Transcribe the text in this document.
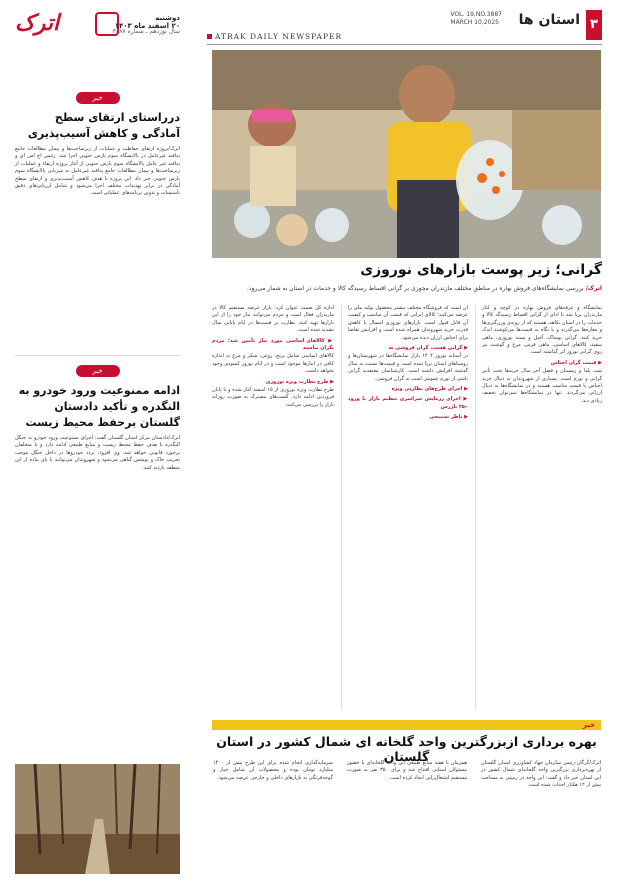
۳
استان ها
VOL. 19,NO.3887
MARCH 10,2025
ATRAK DAILY NEWSPAPER
اترک	دوشنبه
۲۰ اسفند ماه ۱۴۰۳
سال نوزدهم ـ شماره ۳۸۸۷
گرانی؛ زیر پوست بازارهای نوروزی
اترک/ بررسی نمایشگاه‌های فروش بهاره در مناطق مختلف مازندران مجوزی بر گرانی اقساط رسیدگه کالا و خدمات در استان به شمار می‌رود.
نمایشگاه و غرفه‌های فروش بهاره در کوچه و کنار مازندران برپا شد تا ادای از گرانی اقساط رسیدگه کالا و خدمات را در استان بکاهد. هستند که از رویه‌ی وزن‌گیری‌ها و مغازه‌ها می‌گذرند و با نگاه به قیمت‌ها می‌کوشند اندک خرید کنند. گرانی پوشاک، آجیل و پسته نوروزی، ماهی سفید، کالاهای اساسی، ماهی قرمز، مرغ و گوشت نیز روی گرانی نوروز اثر گذاشته است.
▶ قیمت گران اجناس
شب یلدا و زمستان و فصل آخر سال خریدها تحت تأثیر گرانی و تورم است. بسیاری از شهروندان به دنبال خرید اجناس با قیمت مناسب هستند و در نمایشگاه‌ها به دنبال ارزانی می‌گردند. تنها در نمایشگاه‌ها نمی‌توان تخفیف زیادی دید.
ان است که فروشگاه مختلف بیشتر محصول تولید ملی را عرضه می‌کنند؛ کالای ایرانی که قیمت آن مناسب و کیفیت آن قابل قبول است. بازارهای نوروزی امسال با کاهش قدرت خرید شهروندان همراه شده است و افزایش تقاضا برای اجناس ارزان دیده می‌شود.
▶ گرانی هست، گران فروشی نه
در آستانه نوروز ۱۴۰۴ بازار نمایشگاه‌ها در شهرستان‌ها و روستاهای استان برپا شده است و قیمت‌ها نسبت به سال گذشته افزایش داشته است. کارشناسان معتقدند گرانی ناشی از تورم عمومی است نه گران فروشی.
▶ اجرای طرح‌های نظارتی ویژه
▶ اجرای رزمایش سراسری تنظیم بازار با ورود ۳۵۰ بازرس
▶ ناظر تسبیحی
اداره کل صمت عنوان کرد: بازار عرضه مستقیم کالا در مازندران فعال است و مردم می‌توانند نیاز خود را از این بازارها تهیه کنند. نظارت بر قیمت‌ها در ایام پایانی سال تشدید شده است.
▶ کالاهای اساسی مورد نیاز تأمین شد؛ مردم نگران نباشند
کالاهای اساسی شامل برنج، روغن، شکر و مرغ به اندازه کافی در انبارها موجود است و در ایام نوروز کمبودی وجود نخواهد داشت.
▶ طرح نظارت ویژه نوروزی
طرح نظارت ویژه نوروزی از ۱۵ اسفند آغاز شده و تا پایان فروردین ادامه دارد. گشت‌های مشترک به صورت روزانه بازار را بررسی می‌کنند.
خبر
درراستای ارتقای سطح آمادگی و کاهش آسیب‌پذیری
اترک/پروژه ارتقای حفاظت و عملیات از زیرساخت‌ها و پیمان مطالعات جامع پدافند غیرعامل در پالایشگاه سوم پارس جنوبی اجرا شد. رئیس اچ اس ای و پدافند غیر عامل پالایشگاه سوم پارس جنوبی از آغاز پروژه ارتقاء و عملیات از زیرساخت‌ها و پیمان مطالعات جامع پدافند غیرعامل به میزبانی پالایشگاه سوم پارس جنوبی خبر داد. این پروژه با هدف کاهش آسیب‌پذیری و ارتقای سطح آمادگی در برابر تهدیدات مختلف اجرا می‌شود و شامل ارزیابی‌های دقیق تأسیسات و تدوین برنامه‌های عملیاتی است.
خبر
ادامه ممنوعیت ورود خودرو به النگدره و تأکید دادستان گلستان برحفظ محیط زیست
اترک/دادستان مرکز استان گلستان گفت: اجرای ممنوعیت ورود خودرو به جنگل النگدره با هدف حفظ محیط زیست و منابع طبیعی ادامه دارد و با متخلفان برخورد قانونی خواهد شد. وی افزود: تردد خودروها در داخل جنگل موجب تخریب خاک و پوشش گیاهی می‌شود و شهروندان می‌توانند با پای پیاده از این منطقه بازدید کنند.
خبر
بهره برداری ازبزرگترین واحد گلخانه ای شمال کشور در استان گلستان	اترک/گرگان-رئیس سازمان جهاد کشاورزی استان گلستان از بهره‌برداری بزرگترین واحد گلخانه‌ای شمال کشور در این استان خبر داد و گفت: این واحد در زمینی به مساحت بیش از ۱۲ هکتار احداث شده است.
همزمان با هفته منابع طبیعی این واحد گلخانه‌ای با حضور مسئولان استانی افتتاح شد و برای ۳۵۰ نفر به صورت مستقیم اشتغال‌زایی ایجاد کرده است.
سرمایه‌گذاری انجام شده برای این طرح بیش از ۱۴۰۰ میلیارد تومان بوده و محصولات آن شامل خیار و گوجه‌فرنگی به بازارهای داخلی و خارجی عرضه می‌شود.
